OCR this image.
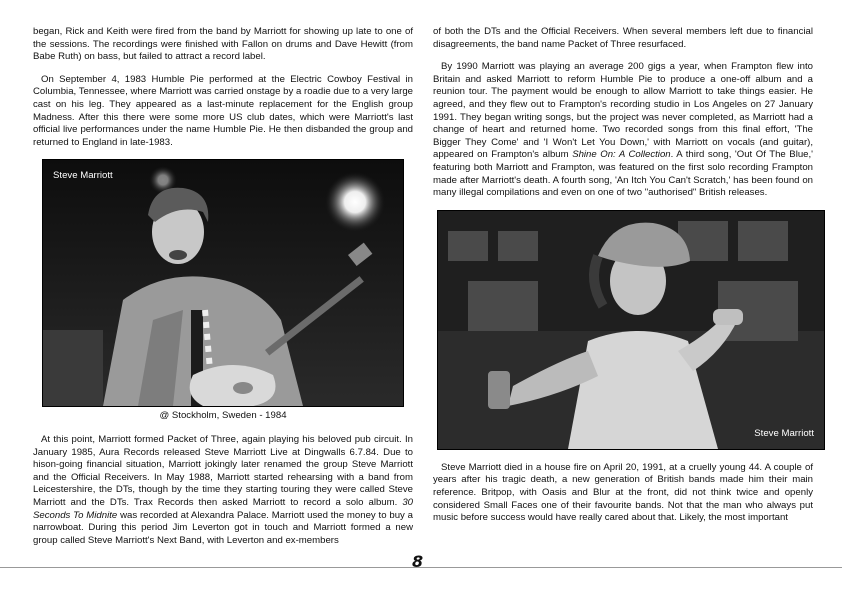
began, Rick and Keith were fired from the band by Marriott for showing up late to one of the sessions. The recordings were finished with Fallon on drums and Dave Hewitt (from Babe Ruth) on bass, but failed to attract a record label.

On September 4, 1983 Humble Pie performed at the Electric Cowboy Festival in Columbia, Tennessee, where Marriott was carried onstage by a roadie due to a very large cast on his leg. They appeared as a last-minute replacement for the English group Madness. After this there were some more US club dates, which were Marriott's last official live performances under the name Humble Pie. He then disbanded the group and returned to England in late-1983.

Steve Marriott
@ Stockholm, Sweden - 1984

At this point, Marriott formed Packet of Three, again playing his beloved pub circuit. In January 1985, Aura Records released Steve Marriott Live at Dingwalls 6.7.84. Due to hison-going financial situation, Marriott jokingly later renamed the group Steve Marriott and the Official Receivers. In May 1988, Marriott started rehearsing with a band from Leicestershire, the DTs, though by the time they starting touring they were called Steve Marriott and the DTs. Trax Records then asked Marriott to record a solo album. 30 Seconds To Midnite was recorded at Alexandra Palace. Marriott used the money to buy a narrowboat. During this period Jim Leverton got in touch and Marriott formed a new group called Steve Marriott's Next Band, with Leverton and ex-members

of both the DTs and the Official Receivers. When several members left due to financial disagreements, the band name Packet of Three resurfaced.

By 1990 Marriott was playing an average 200 gigs a year, when Frampton flew into Britain and asked Marriott to reform Humble Pie to produce a one-off album and a reunion tour. The payment would be enough to allow Marriott to take things easier. He agreed, and they flew out to Frampton's recording studio in Los Angeles on 27 January 1991. They began writing songs, but the project was never completed, as Marriott had a change of heart and returned home. Two recorded songs from this final effort, 'The Bigger They Come' and 'I Won't Let You Down,' with Marriott on vocals (and guitar), appeared on Frampton's album Shine On: A Collection. A third song, 'Out Of The Blue,' featuring both Marriott and Frampton, was featured on the first solo recording Frampton made after Marriott's death. A fourth song, 'An Itch You Can't Scratch,' has been found on many illegal compilations and even on one of two "authorised" British releases.

Steve Marriott

Steve Marriott died in a house fire on April 20, 1991, at a cruelly young 44. A couple of years after his tragic death, a new generation of British bands made him their main reference. Britpop, with Oasis and Blur at the front, did not think twice and openly considered Small Faces one of their favourite bands. Not that the man who always put music before success would have really cared about that. Likely, the most important

8
